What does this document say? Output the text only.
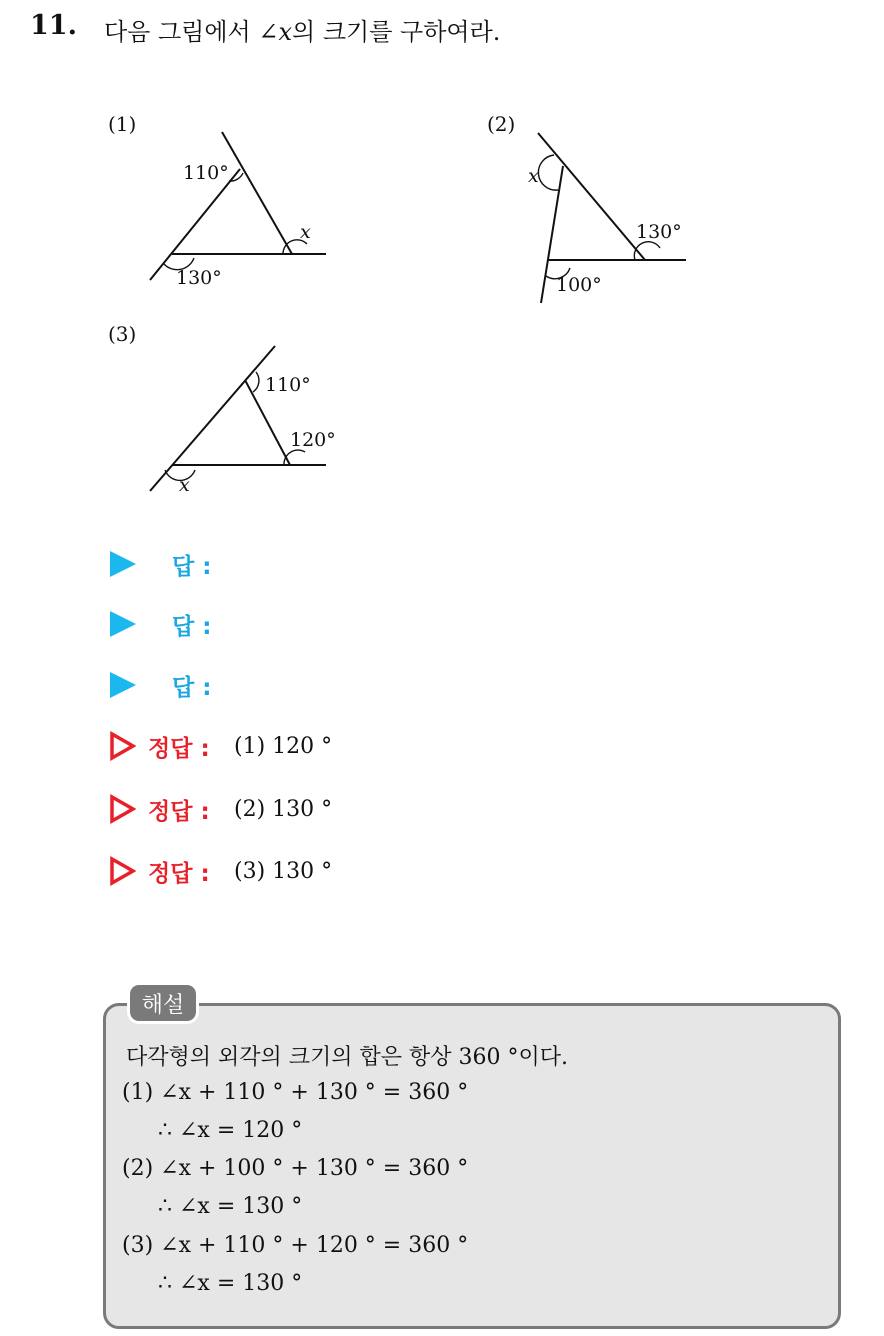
11. 다음 그림에서 ∠x의 크기를 구하여라.
(1)
110°
x
130°
(2)
x
130°
100°
(3)
110°
120°
x
답 :
답 :
답 :
정답 : (1) 120 °
정답 : (2) 130 °
정답 : (3) 130 °
해설
다각형의 외각의 크기의 합은 항상 360 °이다.
(1) ∠x + 110 ° + 130 ° = 360 °
∴ ∠x = 120 °
(2) ∠x + 100 ° + 130 ° = 360 °
∴ ∠x = 130 °
(3) ∠x + 110 ° + 120 ° = 360 °
∴ ∠x = 130 °
